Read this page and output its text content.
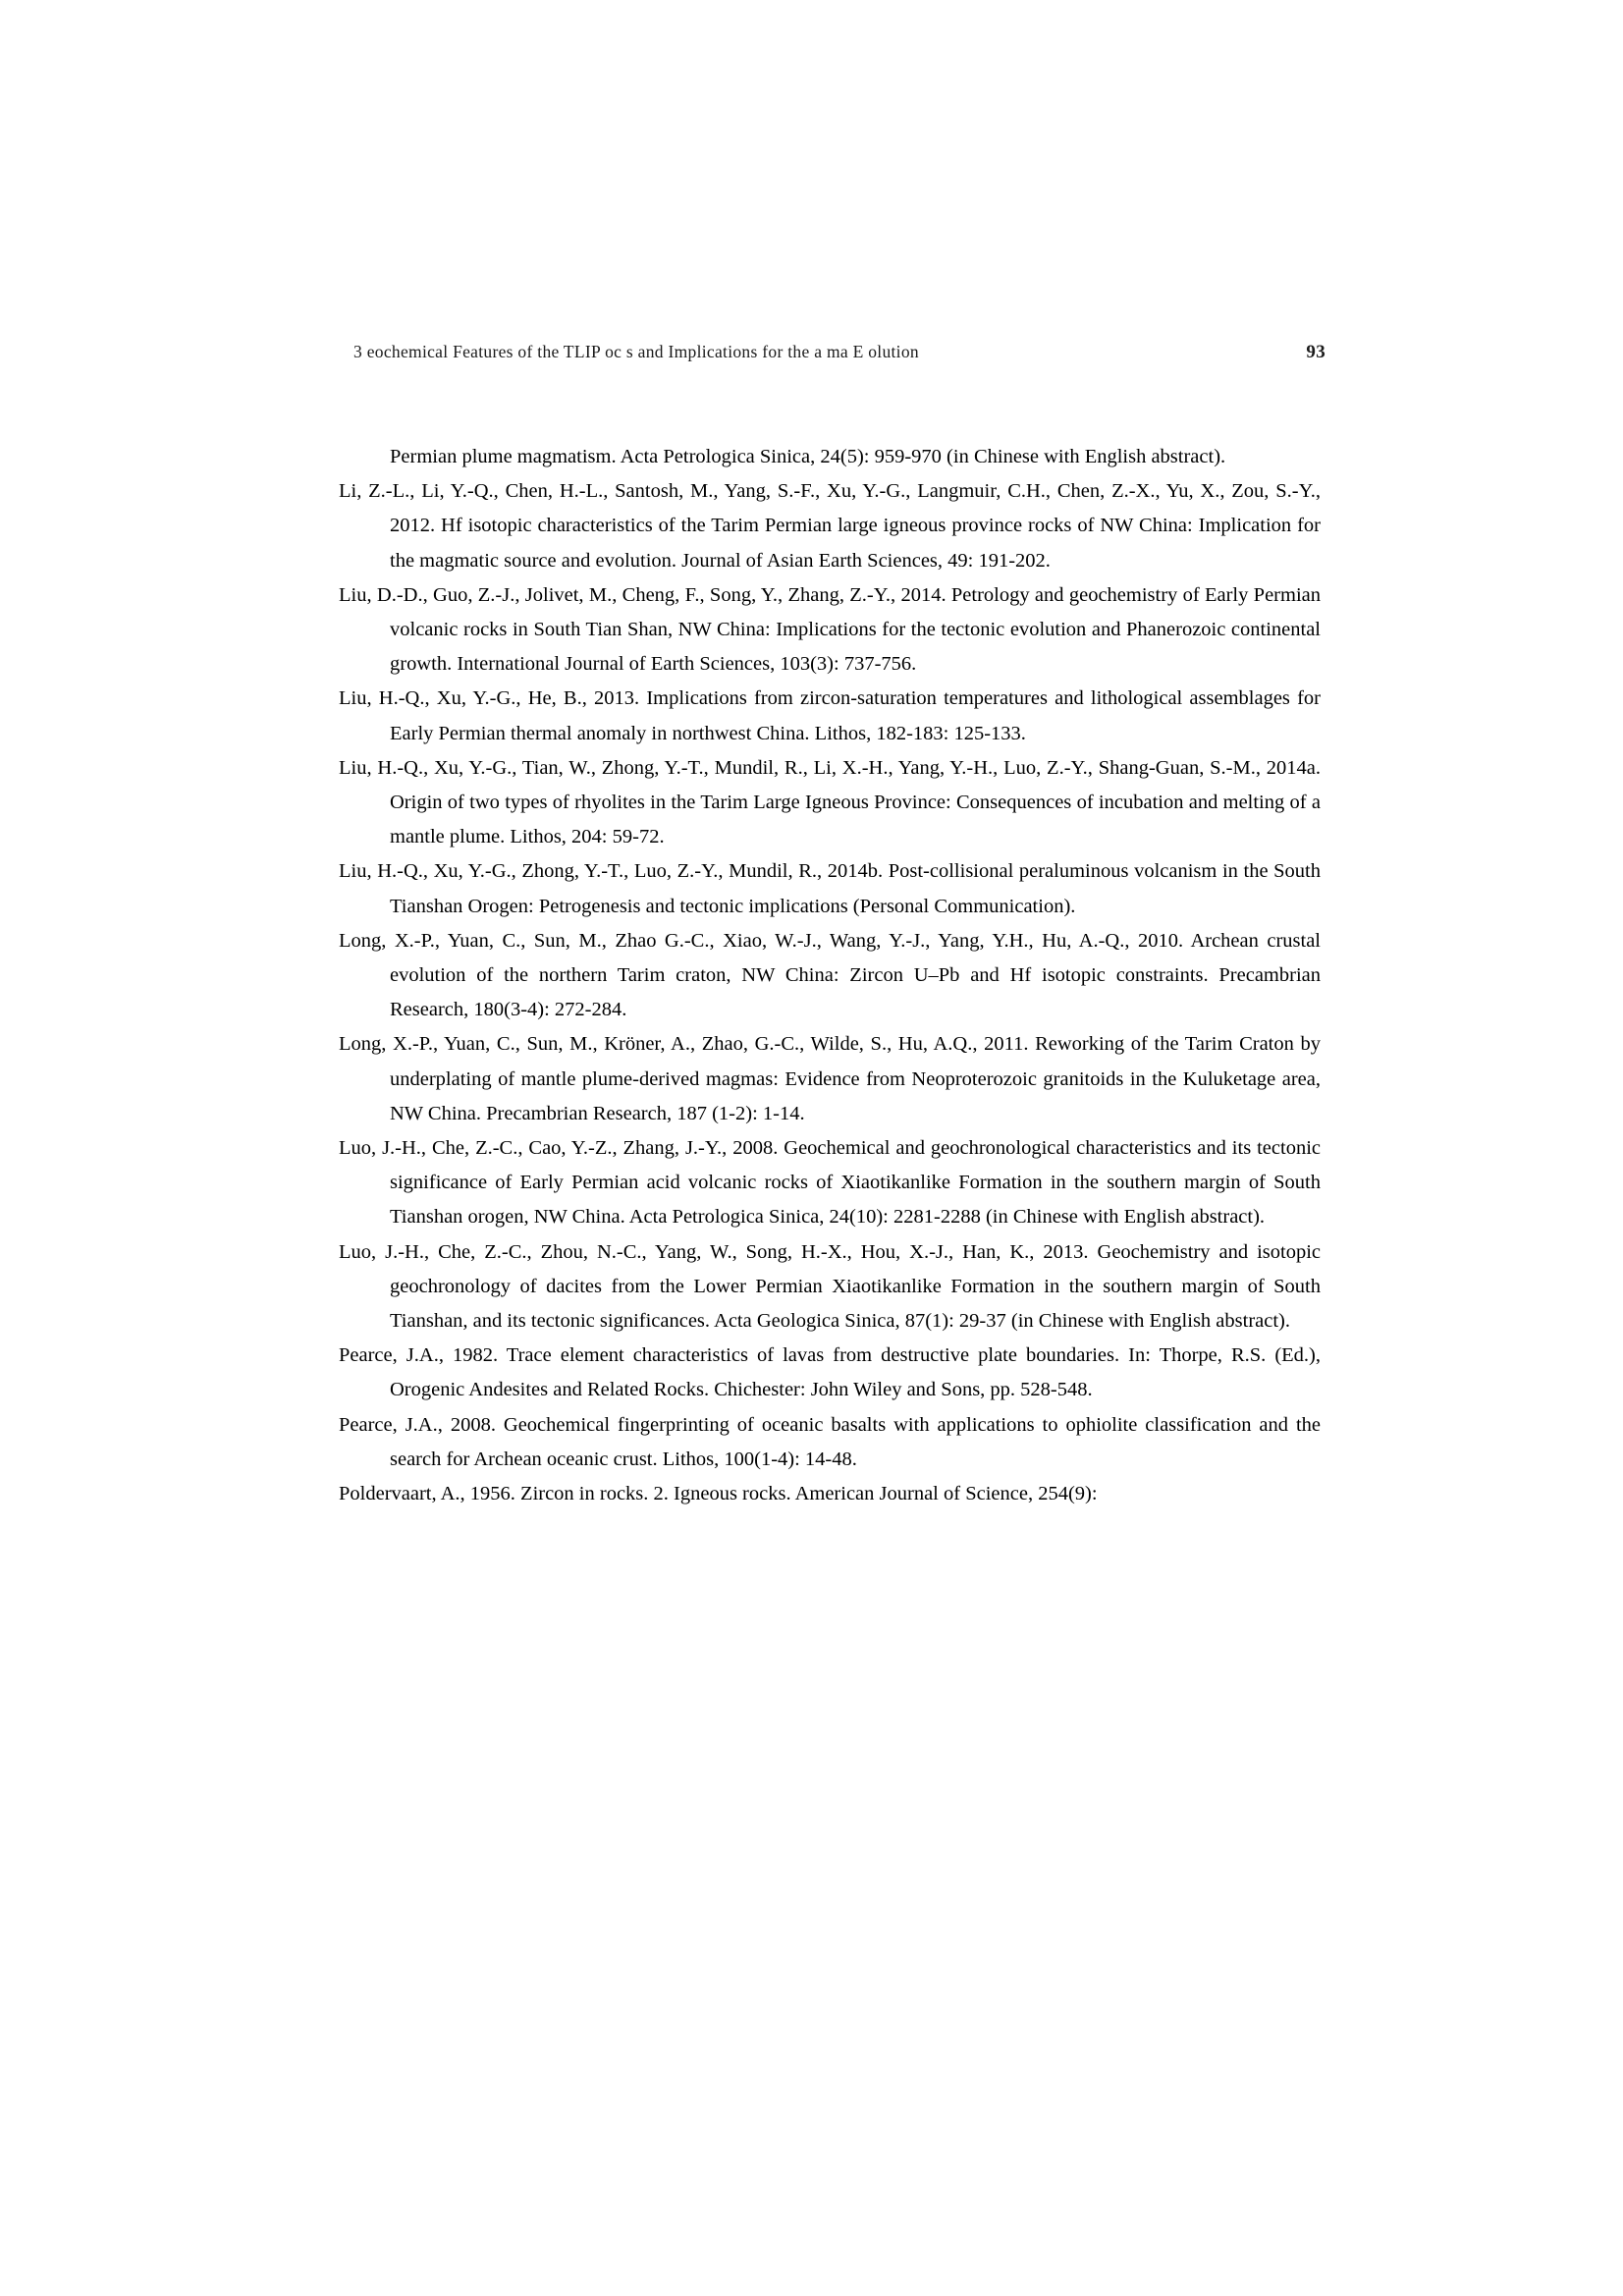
3 eochemical Features of the TLIP oc s and Implications for the a ma E olution	93

Permian plume magmatism. Acta Petrologica Sinica, 24(5): 959-970 (in Chinese with English abstract).

Li, Z.-L., Li, Y.-Q., Chen, H.-L., Santosh, M., Yang, S.-F., Xu, Y.-G., Langmuir, C.H., Chen, Z.-X., Yu, X., Zou, S.-Y., 2012. Hf isotopic characteristics of the Tarim Permian large igneous province rocks of NW China: Implication for the magmatic source and evolution. Journal of Asian Earth Sciences, 49: 191-202.

Liu, D.-D., Guo, Z.-J., Jolivet, M., Cheng, F., Song, Y., Zhang, Z.-Y., 2014. Petrology and geochemistry of Early Permian volcanic rocks in South Tian Shan, NW China: Implications for the tectonic evolution and Phanerozoic continental growth. International Journal of Earth Sciences, 103(3): 737-756.

Liu, H.-Q., Xu, Y.-G., He, B., 2013. Implications from zircon-saturation temperatures and lithological assemblages for Early Permian thermal anomaly in northwest China. Lithos, 182-183: 125-133.

Liu, H.-Q., Xu, Y.-G., Tian, W., Zhong, Y.-T., Mundil, R., Li, X.-H., Yang, Y.-H., Luo, Z.-Y., Shang-Guan, S.-M., 2014a. Origin of two types of rhyolites in the Tarim Large Igneous Province: Consequences of incubation and melting of a mantle plume. Lithos, 204: 59-72.

Liu, H.-Q., Xu, Y.-G., Zhong, Y.-T., Luo, Z.-Y., Mundil, R., 2014b. Post-collisional peraluminous volcanism in the South Tianshan Orogen: Petrogenesis and tectonic implications (Personal Communication).

Long, X.-P., Yuan, C., Sun, M., Zhao G.-C., Xiao, W.-J., Wang, Y.-J., Yang, Y.H., Hu, A.-Q., 2010. Archean crustal evolution of the northern Tarim craton, NW China: Zircon U–Pb and Hf isotopic constraints. Precambrian Research, 180(3-4): 272-284.

Long, X.-P., Yuan, C., Sun, M., Kröner, A., Zhao, G.-C., Wilde, S., Hu, A.Q., 2011. Reworking of the Tarim Craton by underplating of mantle plume-derived magmas: Evidence from Neoproterozoic granitoids in the Kuluketage area, NW China. Precambrian Research, 187 (1-2): 1-14.

Luo, J.-H., Che, Z.-C., Cao, Y.-Z., Zhang, J.-Y., 2008. Geochemical and geochronological characteristics and its tectonic significance of Early Permian acid volcanic rocks of Xiaotikanlike Formation in the southern margin of South Tianshan orogen, NW China. Acta Petrologica Sinica, 24(10): 2281-2288 (in Chinese with English abstract).

Luo, J.-H., Che, Z.-C., Zhou, N.-C., Yang, W., Song, H.-X., Hou, X.-J., Han, K., 2013. Geochemistry and isotopic geochronology of dacites from the Lower Permian Xiaotikanlike Formation in the southern margin of South Tianshan, and its tectonic significances. Acta Geologica Sinica, 87(1): 29-37 (in Chinese with English abstract).

Pearce, J.A., 1982. Trace element characteristics of lavas from destructive plate boundaries. In: Thorpe, R.S. (Ed.), Orogenic Andesites and Related Rocks. Chichester: John Wiley and Sons, pp. 528-548.

Pearce, J.A., 2008. Geochemical fingerprinting of oceanic basalts with applications to ophiolite classification and the search for Archean oceanic crust. Lithos, 100(1-4): 14-48.

Poldervaart, A., 1956. Zircon in rocks. 2. Igneous rocks. American Journal of Science, 254(9):
